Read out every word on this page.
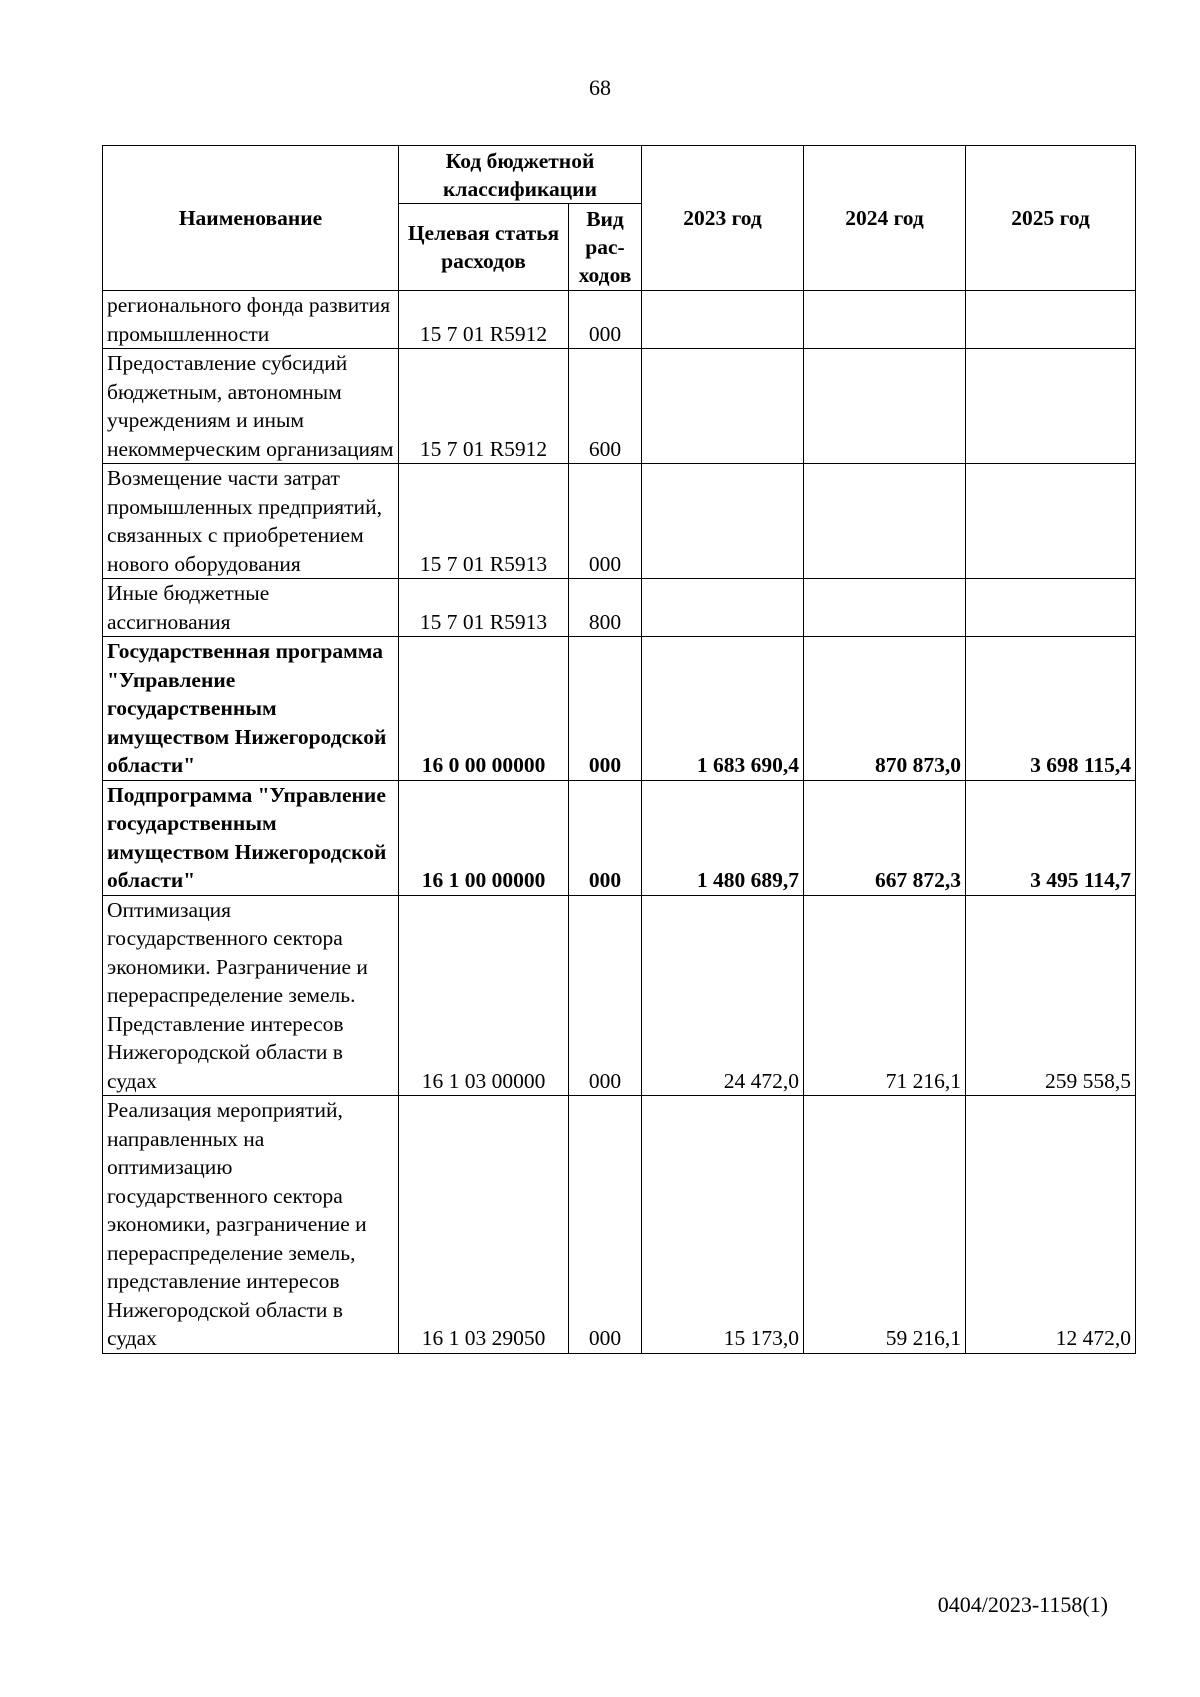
68
Наименование	Код бюджетной классификации		2023 год	2024 год	2025 год
	Целевая статья расходов	Вид рас-ходов			
регионального фонда развития промышленности	15 7 01 R5912	000			
Предоставление субсидий бюджетным, автономным учреждениям и иным некоммерческим организациям	15 7 01 R5912	600			
Возмещение части затрат промышленных предприятий, связанных с приобретением нового оборудования	15 7 01 R5913	000			
Иные бюджетные ассигнования	15 7 01 R5913	800			
Государственная программа "Управление государственным имуществом Нижегородской области"	16 0 00 00000	000	1 683 690,4	870 873,0	3 698 115,4
Подпрограмма "Управление государственным имуществом Нижегородской области"	16 1 00 00000	000	1 480 689,7	667 872,3	3 495 114,7
Оптимизация государственного сектора экономики. Разграничение и перераспределение земель. Представление интересов Нижегородской области в судах	16 1 03 00000	000	24 472,0	71 216,1	259 558,5
Реализация мероприятий, направленных на оптимизацию государственного сектора экономики, разграничение и перераспределение земель, представление интересов Нижегородской области в судах	16 1 03 29050	000	15 173,0	59 216,1	12 472,0
0404/2023-1158(1)
